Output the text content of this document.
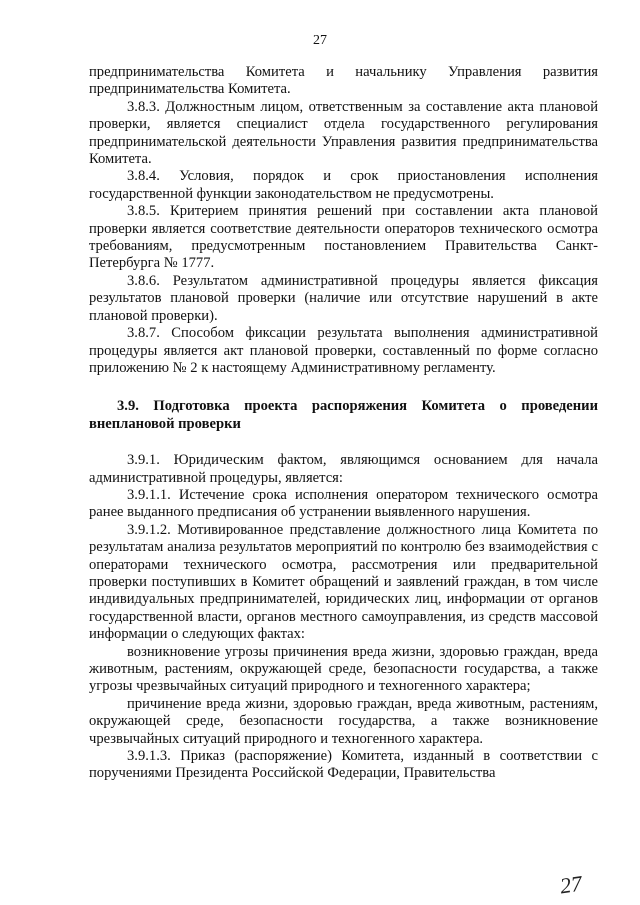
27

предпринимательства Комитета и начальнику Управления развития предпринимательства Комитета.

3.8.3. Должностным лицом, ответственным за составление акта плановой проверки, является специалист отдела государственного регулирования предпринимательской деятельности Управления развития предпринимательства Комитета.

3.8.4. Условия, порядок и срок приостановления исполнения государственной функции законодательством не предусмотрены.

3.8.5. Критерием принятия решений при составлении акта плановой проверки является соответствие деятельности операторов технического осмотра требованиям, предусмотренным постановлением Правительства Санкт-Петербурга № 1777.

3.8.6. Результатом административной процедуры является фиксация результатов плановой проверки (наличие или отсутствие нарушений в акте плановой проверки).

3.8.7. Способом фиксации результата выполнения административной процедуры является акт плановой проверки, составленный по форме согласно приложению № 2 к настоящему Административному регламенту.

3.9. Подготовка проекта распоряжения Комитета о проведении внеплановой проверки

3.9.1. Юридическим фактом, являющимся основанием для начала административной процедуры, является:

3.9.1.1. Истечение срока исполнения оператором технического осмотра ранее выданного предписания об устранении выявленного нарушения.

3.9.1.2. Мотивированное представление должностного лица Комитета по результатам анализа результатов мероприятий по контролю без взаимодействия с операторами технического осмотра, рассмотрения или предварительной проверки поступивших в Комитет обращений и заявлений граждан, в том числе индивидуальных предпринимателей, юридических лиц, информации от органов государственной власти, органов местного самоуправления, из средств массовой информации о следующих фактах:

возникновение угрозы причинения вреда жизни, здоровью граждан, вреда животным, растениям, окружающей среде, безопасности государства, а также угрозы чрезвычайных ситуаций природного и техногенного характера;

причинение вреда жизни, здоровью граждан, вреда животным, растениям, окружающей среде, безопасности государства, а также возникновение чрезвычайных ситуаций природного и техногенного характера.

3.9.1.3. Приказ (распоряжение) Комитета, изданный в соответствии с поручениями Президента Российской Федерации, Правительства

27
